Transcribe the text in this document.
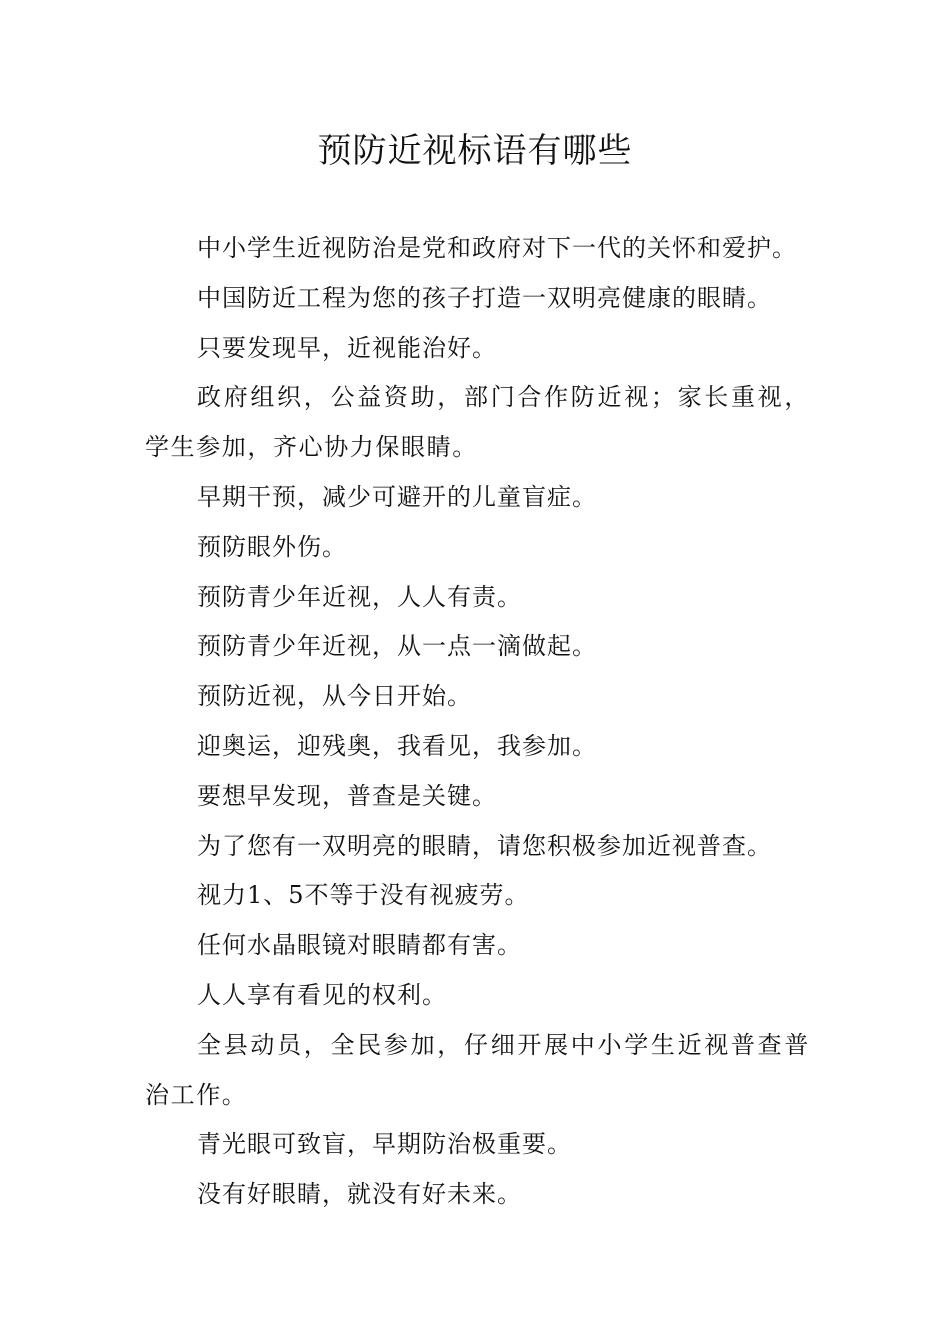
预防近视标语有哪些

中小学生近视防治是党和政府对下一代的关怀和爱护。

中国防近工程为您的孩子打造一双明亮健康的眼睛。

只要发现早，近视能治好。

政府组织，公益资助，部门合作防近视；家长重视，学生参加，齐心协力保眼睛。

早期干预，减少可避开的儿童盲症。

预防眼外伤。

预防青少年近视，人人有责。

预防青少年近视，从一点一滴做起。

预防近视，从今日开始。

迎奥运，迎残奥，我看见，我参加。

要想早发现，普查是关键。

为了您有一双明亮的眼睛，请您积极参加近视普查。

视力1、5不等于没有视疲劳。

任何水晶眼镜对眼睛都有害。

人人享有看见的权利。

全县动员，全民参加，仔细开展中小学生近视普查普治工作。

青光眼可致盲，早期防治极重要。

没有好眼睛，就没有好未来。
